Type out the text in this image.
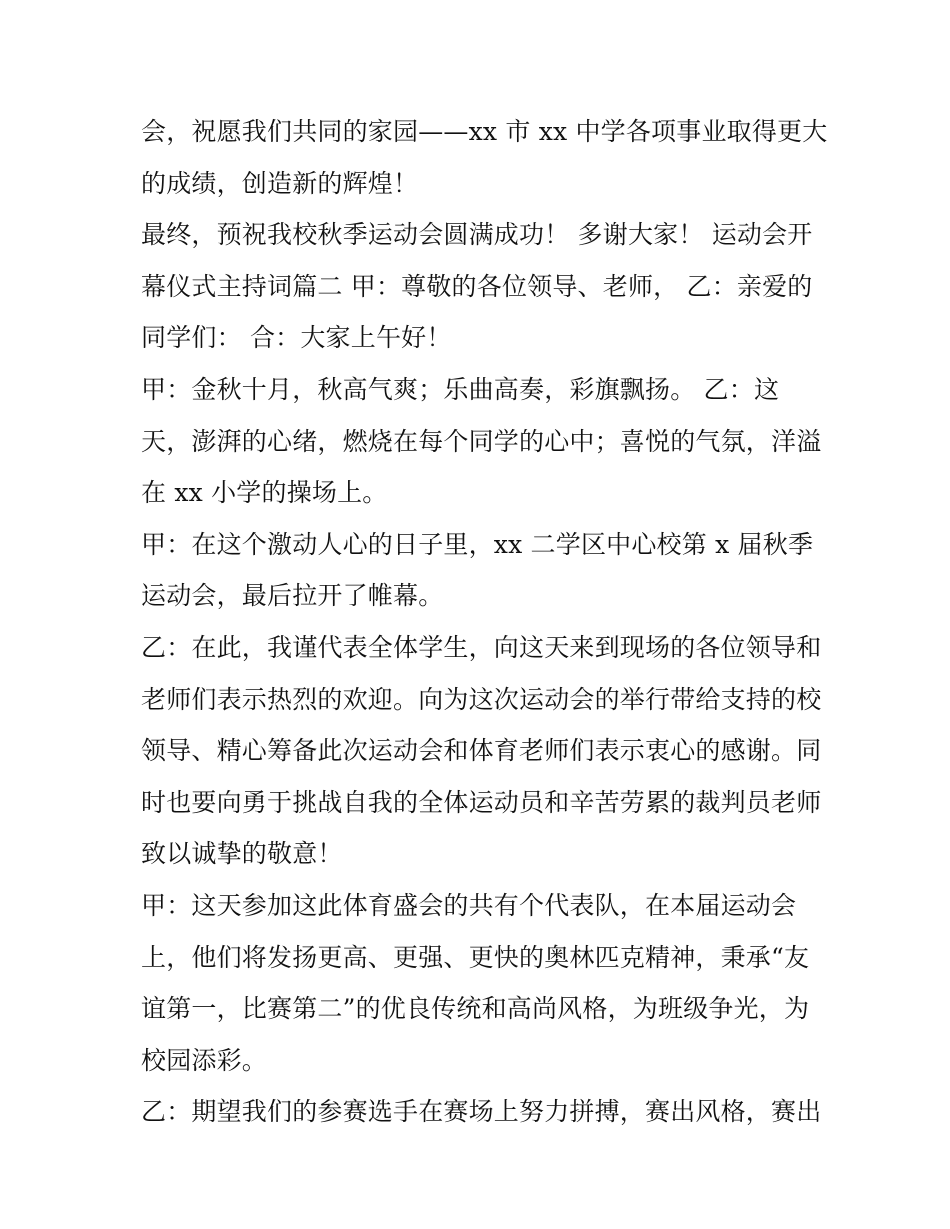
会，祝愿我们共同的家园——xx 市 xx 中学各项事业取得更大
的成绩，创造新的辉煌！
最终，预祝我校秋季运动会圆满成功！ 多谢大家！ 运动会开
幕仪式主持词篇二 甲：尊敬的各位领导、老师， 乙：亲爱的
同学们： 合：大家上午好！
甲：金秋十月，秋高气爽；乐曲高奏，彩旗飘扬。 乙：这
天，澎湃的心绪，燃烧在每个同学的心中；喜悦的气氛，洋溢
在 xx 小学的操场上。
甲：在这个激动人心的日子里，xx 二学区中心校第 x 届秋季
运动会，最后拉开了帷幕。
乙：在此，我谨代表全体学生，向这天来到现场的各位领导和
老师们表示热烈的欢迎。向为这次运动会的举行带给支持的校
领导、精心筹备此次运动会和体育老师们表示衷心的感谢。同
时也要向勇于挑战自我的全体运动员和辛苦劳累的裁判员老师
致以诚挚的敬意！
甲：这天参加这此体育盛会的共有个代表队，在本届运动会
上，他们将发扬更高、更强、更快的奥林匹克精神，秉承“友
谊第一，比赛第二”的优良传统和高尚风格，为班级争光，为
校园添彩。
乙：期望我们的参赛选手在赛场上努力拼搏，赛出风格，赛出
